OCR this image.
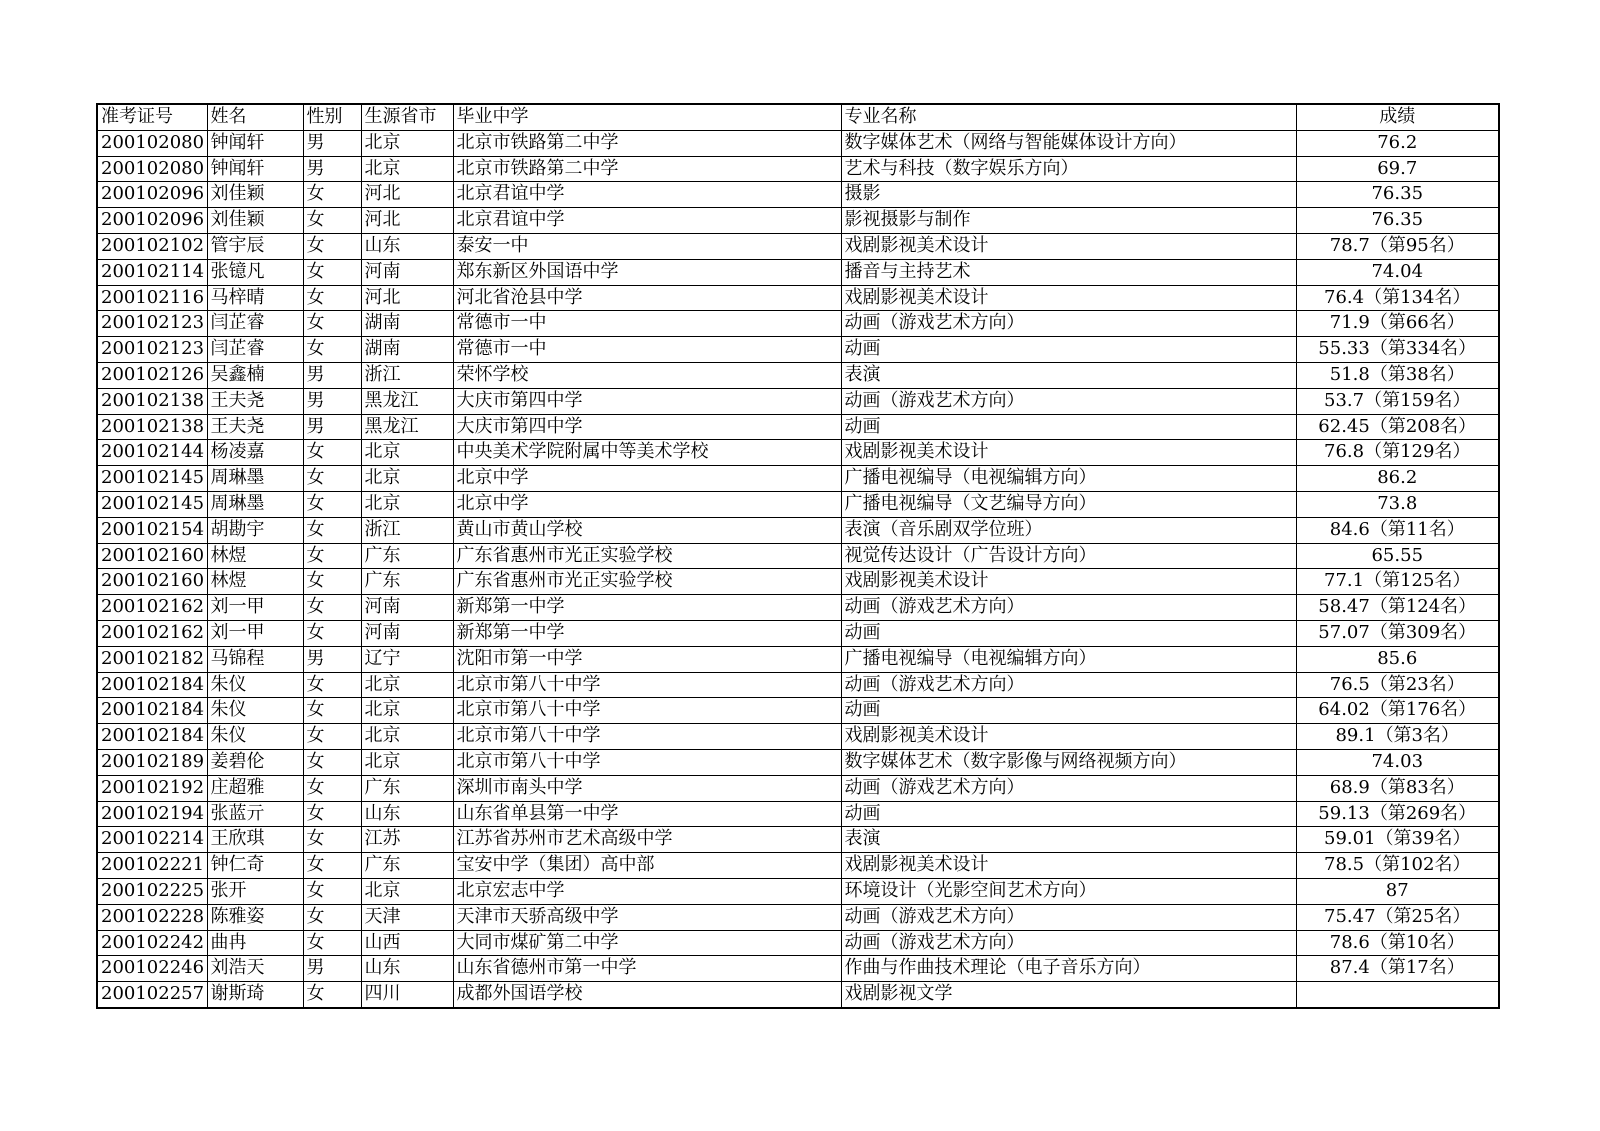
准考证号	姓名	性别	生源省市	毕业中学	专业名称	成绩
200102080	钟闻轩	男	北京	北京市铁路第二中学	数字媒体艺术（网络与智能媒体设计方向）	76.2
200102080	钟闻轩	男	北京	北京市铁路第二中学	艺术与科技（数字娱乐方向）	69.7
200102096	刘佳颖	女	河北	北京君谊中学	摄影	76.35
200102096	刘佳颖	女	河北	北京君谊中学	影视摄影与制作	76.35
200102102	管宇辰	女	山东	泰安一中	戏剧影视美术设计	78.7（第95名）
200102114	张镱凡	女	河南	郑东新区外国语中学	播音与主持艺术	74.04
200102116	马梓晴	女	河北	河北省沧县中学	戏剧影视美术设计	76.4（第134名）
200102123	闫芷睿	女	湖南	常德市一中	动画（游戏艺术方向）	71.9（第66名）
200102123	闫芷睿	女	湖南	常德市一中	动画	55.33（第334名）
200102126	吴鑫楠	男	浙江	荣怀学校	表演	51.8（第38名）
200102138	王夫尧	男	黑龙江	大庆市第四中学	动画（游戏艺术方向）	53.7（第159名）
200102138	王夫尧	男	黑龙江	大庆市第四中学	动画	62.45（第208名）
200102144	杨凌嘉	女	北京	中央美术学院附属中等美术学校	戏剧影视美术设计	76.8（第129名）
200102145	周琳墨	女	北京	北京中学	广播电视编导（电视编辑方向）	86.2
200102145	周琳墨	女	北京	北京中学	广播电视编导（文艺编导方向）	73.8
200102154	胡勘宇	女	浙江	黄山市黄山学校	表演（音乐剧双学位班）	84.6（第11名）
200102160	林煜	女	广东	广东省惠州市光正实验学校	视觉传达设计（广告设计方向）	65.55
200102160	林煜	女	广东	广东省惠州市光正实验学校	戏剧影视美术设计	77.1（第125名）
200102162	刘一甲	女	河南	新郑第一中学	动画（游戏艺术方向）	58.47（第124名）
200102162	刘一甲	女	河南	新郑第一中学	动画	57.07（第309名）
200102182	马锦程	男	辽宁	沈阳市第一中学	广播电视编导（电视编辑方向）	85.6
200102184	朱仪	女	北京	北京市第八十中学	动画（游戏艺术方向）	76.5（第23名）
200102184	朱仪	女	北京	北京市第八十中学	动画	64.02（第176名）
200102184	朱仪	女	北京	北京市第八十中学	戏剧影视美术设计	89.1（第3名）
200102189	姜碧伦	女	北京	北京市第八十中学	数字媒体艺术（数字影像与网络视频方向）	74.03
200102192	庄超雅	女	广东	深圳市南头中学	动画（游戏艺术方向）	68.9（第83名）
200102194	张蓝亓	女	山东	山东省单县第一中学	动画	59.13（第269名）
200102214	王欣琪	女	江苏	江苏省苏州市艺术高级中学	表演	59.01（第39名）
200102221	钟仁奇	女	广东	宝安中学（集团）高中部	戏剧影视美术设计	78.5（第102名）
200102225	张开	女	北京	北京宏志中学	环境设计（光影空间艺术方向）	87
200102228	陈雅姿	女	天津	天津市天骄高级中学	动画（游戏艺术方向）	75.47（第25名）
200102242	曲冉	女	山西	大同市煤矿第二中学	动画（游戏艺术方向）	78.6（第10名）
200102246	刘浩天	男	山东	山东省德州市第一中学	作曲与作曲技术理论（电子音乐方向）	87.4（第17名）
200102257	谢斯琦	女	四川	成都外国语学校	戏剧影视文学	
